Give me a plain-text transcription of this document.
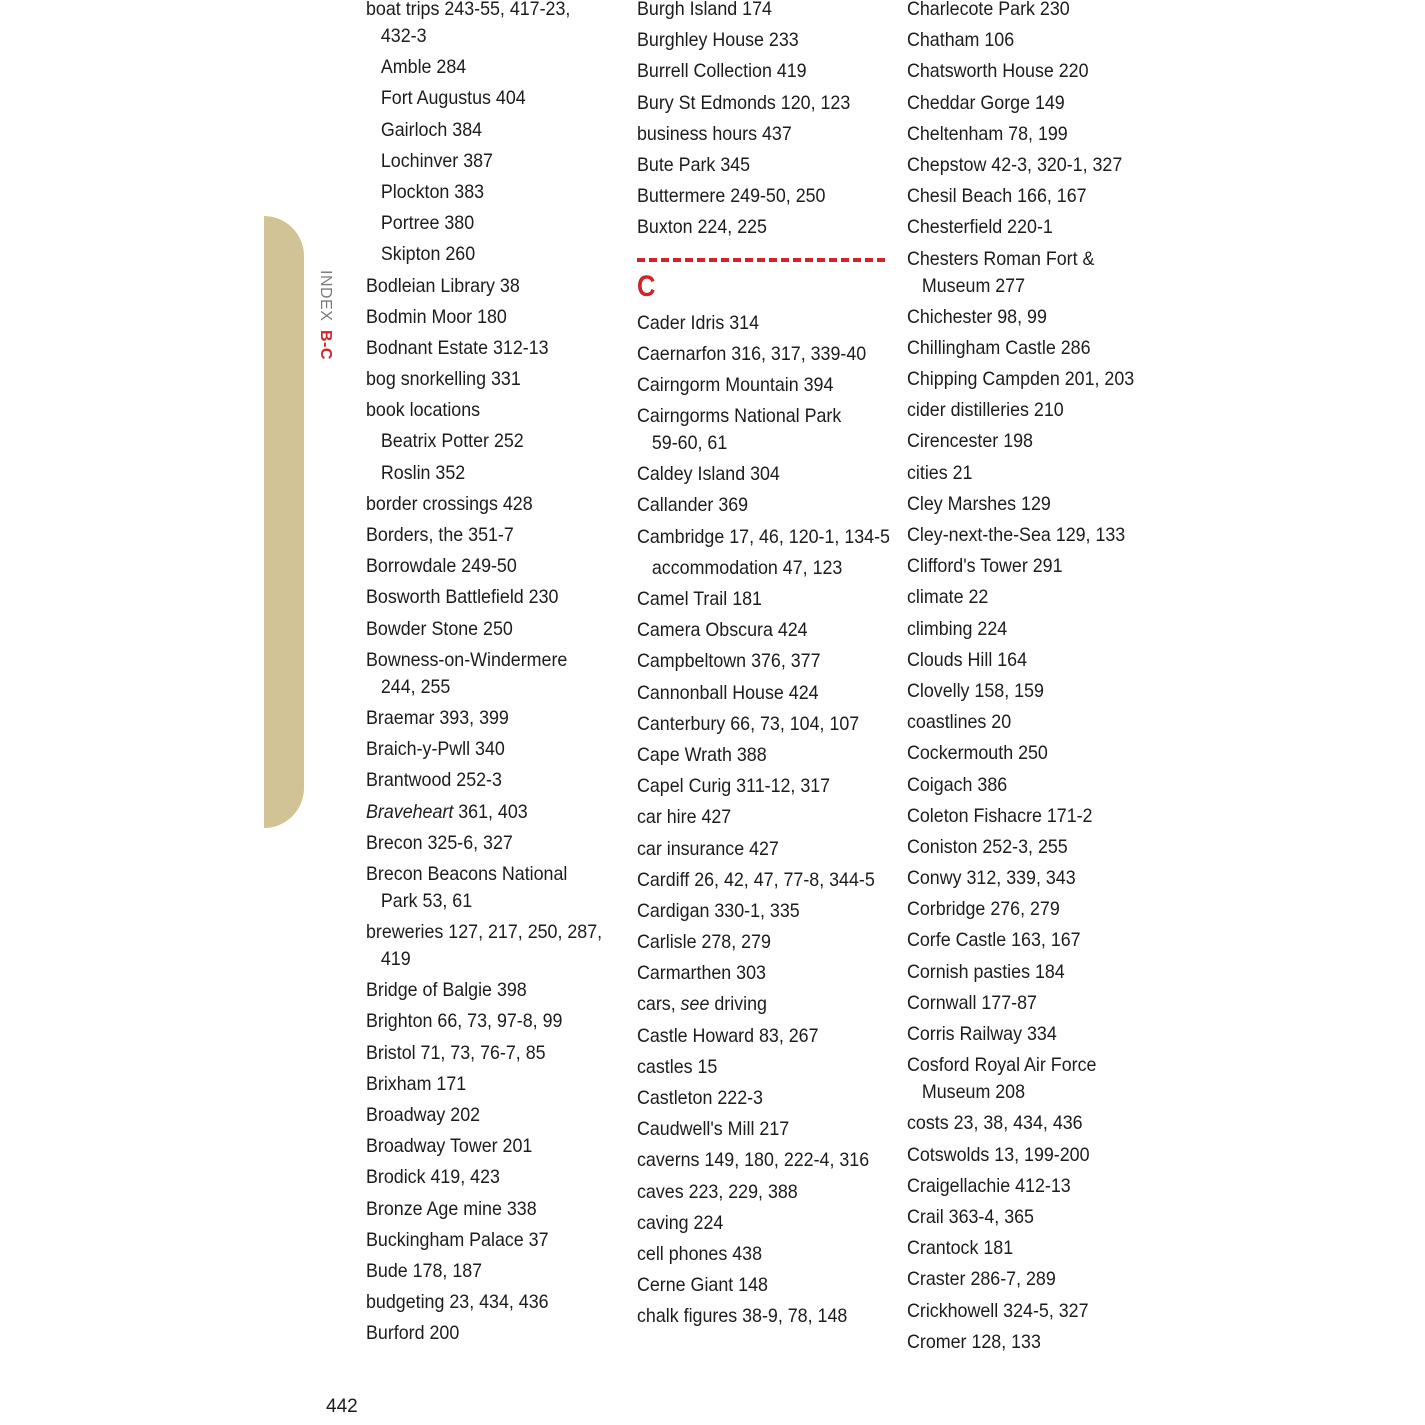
INDEX B-C
boat trips 243-55, 417-23,
432-3
Amble 284
Fort Augustus 404
Gairloch 384
Lochinver 387
Plockton 383
Portree 380
Skipton 260
Bodleian Library 38
Bodmin Moor 180
Bodnant Estate 312-13
bog snorkelling 331
book locations
Beatrix Potter 252
Roslin 352
border crossings 428
Borders, the 351-7
Borrowdale 249-50
Bosworth Battlefield 230
Bowder Stone 250
Bowness-on-Windermere
244, 255
Braemar 393, 399
Braich-y-Pwll 340
Brantwood 252-3
Braveheart 361, 403
Brecon 325-6, 327
Brecon Beacons National
Park 53, 61
breweries 127, 217, 250, 287,
419
Bridge of Balgie 398
Brighton 66, 73, 97-8, 99
Bristol 71, 73, 76-7, 85
Brixham 171
Broadway 202
Broadway Tower 201
Brodick 419, 423
Bronze Age mine 338
Buckingham Palace 37
Bude 178, 187
budgeting 23, 434, 436
Burford 200
Burgh Island 174
Burghley House 233
Burrell Collection 419
Bury St Edmonds 120, 123
business hours 437
Bute Park 345
Buttermere 249-50, 250
Buxton 224, 225
C
Cader Idris 314
Caernarfon 316, 317, 339-40
Cairngorm Mountain 394
Cairngorms National Park
59-60, 61
Caldey Island 304
Callander 369
Cambridge 17, 46, 120-1, 134-5
accommodation 47, 123
Camel Trail 181
Camera Obscura 424
Campbeltown 376, 377
Cannonball House 424
Canterbury 66, 73, 104, 107
Cape Wrath 388
Capel Curig 311-12, 317
car hire 427
car insurance 427
Cardiff 26, 42, 47, 77-8, 344-5
Cardigan 330-1, 335
Carlisle 278, 279
Carmarthen 303
cars, see driving
Castle Howard 83, 267
castles 15
Castleton 222-3
Caudwell's Mill 217
caverns 149, 180, 222-4, 316
caves 223, 229, 388
caving 224
cell phones 438
Cerne Giant 148
chalk figures 38-9, 78, 148
Charlecote Park 230
Chatham 106
Chatsworth House 220
Cheddar Gorge 149
Cheltenham 78, 199
Chepstow 42-3, 320-1, 327
Chesil Beach 166, 167
Chesterfield 220-1
Chesters Roman Fort &
Museum 277
Chichester 98, 99
Chillingham Castle 286
Chipping Campden 201, 203
cider distilleries 210
Cirencester 198
cities 21
Cley Marshes 129
Cley-next-the-Sea 129, 133
Clifford's Tower 291
climate 22
climbing 224
Clouds Hill 164
Clovelly 158, 159
coastlines 20
Cockermouth 250
Coigach 386
Coleton Fishacre 171-2
Coniston 252-3, 255
Conwy 312, 339, 343
Corbridge 276, 279
Corfe Castle 163, 167
Cornish pasties 184
Cornwall 177-87
Corris Railway 334
Cosford Royal Air Force
Museum 208
costs 23, 38, 434, 436
Cotswolds 13, 199-200
Craigellachie 412-13
Crail 363-4, 365
Crantock 181
Craster 286-7, 289
Crickhowell 324-5, 327
Cromer 128, 133
442
